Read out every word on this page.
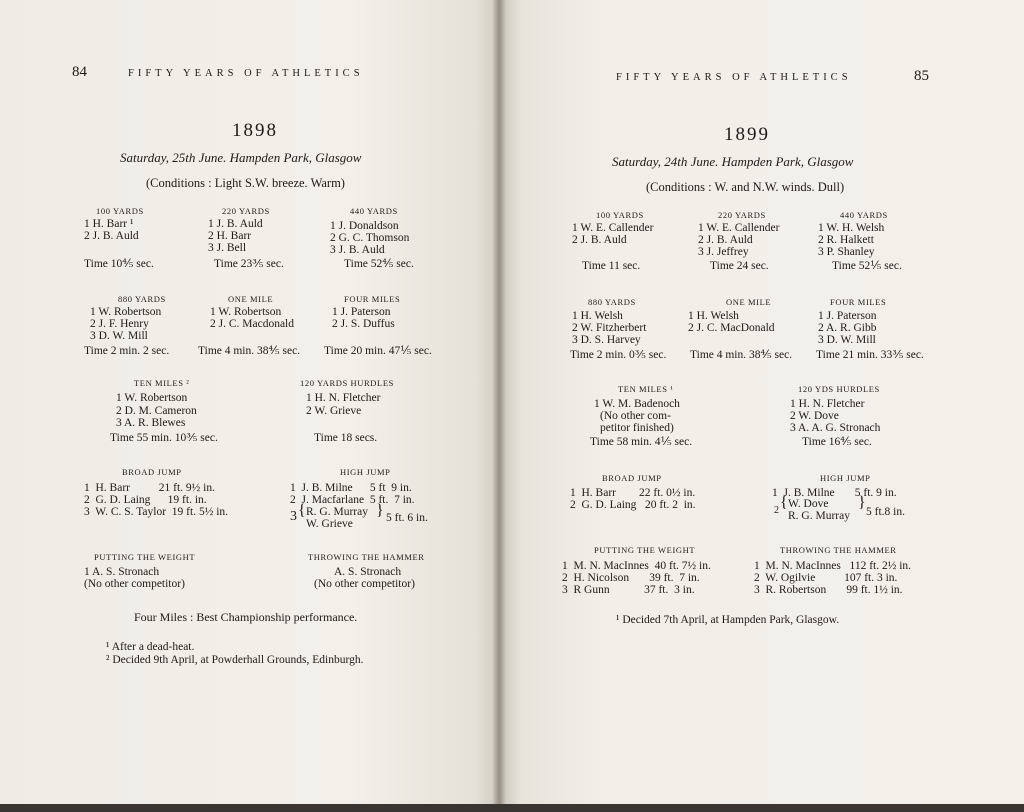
84	FIFTY YEARS OF ATHLETICS
1898
Saturday, 25th June. Hampden Park, Glasgow
(Conditions : Light S.W. breeze. Warm)
100 YARDS
1 H. Barr ¹
2 J. B. Auld
Time 10⅘ sec.
220 YARDS
1 J. B. Auld
2 H. Barr
3 J. Bell
Time 23⅗ sec.
440 YARDS
1 J. Donaldson
2 G. C. Thomson
3 J. B. Auld
Time 52⅘ sec.
880 YARDS
1 W. Robertson
2 J. F. Henry
3 D. W. Mill
Time 2 min. 2 sec.
ONE MILE
1 W. Robertson
2 J. C. Macdonald
Time 4 min. 38⅘ sec.
FOUR MILES
1 J. Paterson
2 J. S. Duffus
Time 20 min. 47⅕ sec.
TEN MILES ²
1 W. Robertson
2 D. M. Cameron
3 A. R. Blewes
Time 55 min. 10⅗ sec.
120 YARDS HURDLES
1 H. N. Fletcher
2 W. Grieve
Time 18 secs.
BROAD JUMP
1  H. Barr          21 ft. 9½ in.
2  G. D. Laing      19 ft. in.
3  W. C. S. Taylor  19 ft. 5½ in.
HIGH JUMP
1  J. B. Milne      5 ft  9 in.
2  J. Macfarlane  5 ft.  7 in.
3 { R. G. Murray
W. Grieve
} 5 ft. 6 in.
PUTTING THE WEIGHT
1 A. S. Stronach
(No other competitor)
THROWING THE HAMMER
A. S. Stronach
(No other competitor)
Four Miles : Best Championship performance.
¹ After a dead-heat.
² Decided 9th April, at Powderhall Grounds, Edinburgh.
FIFTY YEARS OF ATHLETICS	85
1899
Saturday, 24th June. Hampden Park, Glasgow
(Conditions : W. and N.W. winds. Dull)
100 YARDS
1 W. E. Callender
2 J. B. Auld
Time 11 sec.
220 YARDS
1 W. E. Callender
2 J. B. Auld
3 J. Jeffrey
Time 24 sec.
440 YARDS
1 W. H. Welsh
2 R. Halkett
3 P. Shanley
Time 52⅕ sec.
880 YARDS
1 H. Welsh
2 W. Fitzherbert
3 D. S. Harvey
Time 2 min. 0⅗ sec.
ONE MILE
1 H. Welsh
2 J. C. MacDonald
Time 4 min. 38⅘ sec.
FOUR MILES
1 J. Paterson
2 A. R. Gibb
3 D. W. Mill
Time 21 min. 33⅗ sec.
TEN MILES ¹
1 W. M. Badenoch
(No other com-
petitor finished)
Time 58 min. 4⅕ sec.
120 YDS HURDLES
1 H. N. Fletcher
2 W. Dove
3 A. A. G. Stronach
Time 16⅘ sec.
BROAD JUMP
1  H. Barr        22 ft. 0½ in.
2  G. D. Laing   20 ft. 2  in.
HIGH JUMP
1  J. B. Milne       5 ft. 9 in.
2 { W. Dove
R. G. Murray
}
5 ft.8 in.
PUTTING THE WEIGHT
1  M. N. MacInnes  40 ft. 7½ in.
2  H. Nicolson       39 ft.  7 in.
3  R Gunn            37 ft.  3 in.
THROWING THE HAMMER
1  M. N. MacInnes   112 ft. 2½ in.
2  W. Ogilvie          107 ft. 3 in.
3  R. Robertson       99 ft. 1½ in.
¹ Decided 7th April, at Hampden Park, Glasgow.
